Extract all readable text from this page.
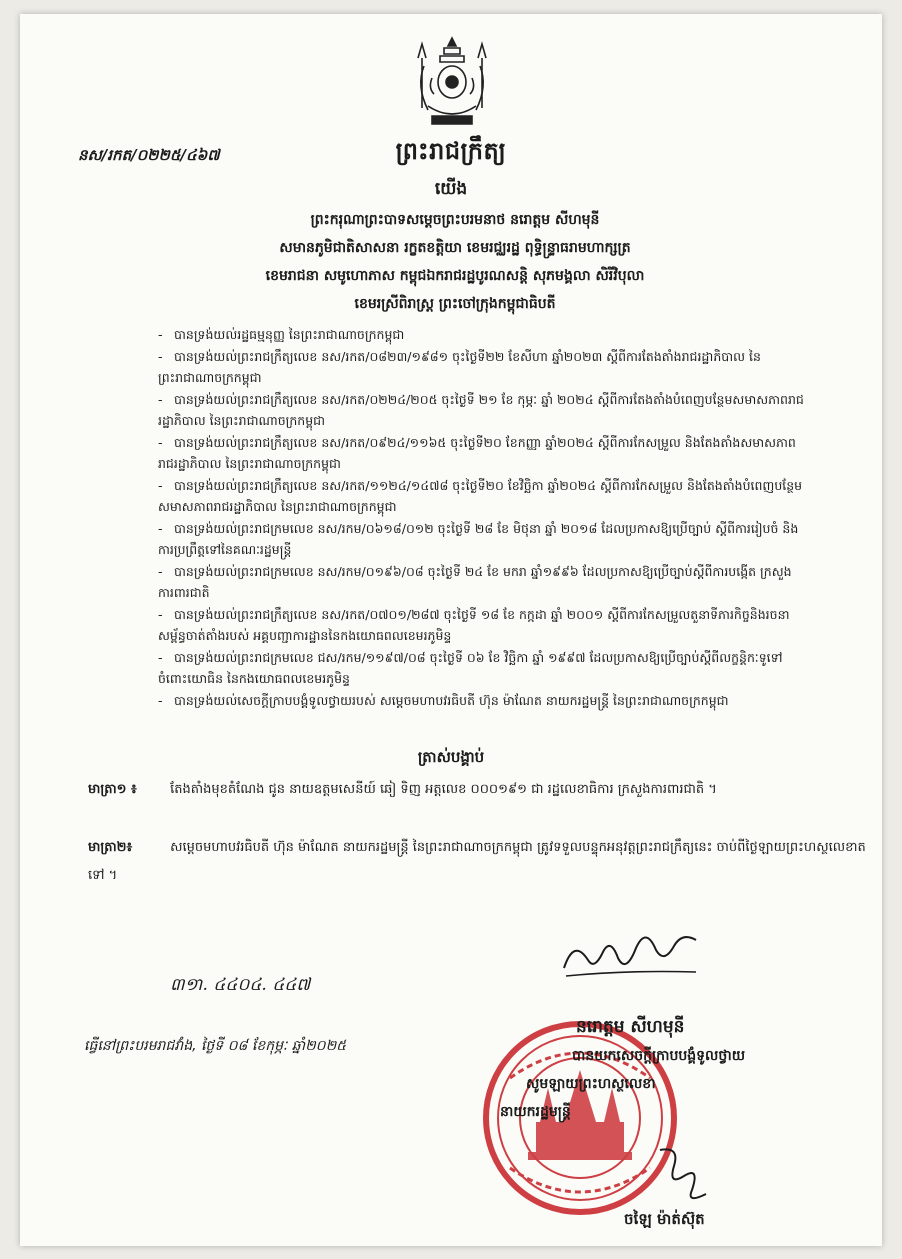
ព្រះរាជក្រឹត្យ
នស/រកត/០២២៥/៤៦៧
យើង
ព្រះករុណាព្រះបាទសម្ដេចព្រះបរមនាថ នរោត្ដម សីហមុនី
សមានភូមិជាតិសាសនា រក្ខតខត្តិយា ខេមរជ្ឈរដ្ឋ ពុទ្ធិន្ទ្រាធរាមហាក្សត្រ
ខេមរាជនា សមូហោភាស កម្ពុជឯករាជរដ្ឋបូរណសន្តិ សុភមង្គលា សិរីវិបុលា
ខេមរស្រីពិរាស្ត្រ ព្រះចៅក្រុងកម្ពុជាធិបតី
- បានទ្រង់យល់រដ្ឋធម្មនុញ្ញ នៃព្រះរាជាណាចក្រកម្ពុជា
- បានទ្រង់យល់ព្រះរាជក្រឹត្យលេខ នស/រកត/០៨២៣/១៩៨១ ចុះថ្ងៃទី២២ ខែសីហា ឆ្នាំ២០២៣ ស្ដីពីការតែងតាំងរាជរដ្ឋាភិបាល នៃព្រះរាជាណាចក្រកម្ពុជា
- បានទ្រង់យល់ព្រះរាជក្រឹត្យលេខ នស/រកត/០២២៤/២០៥ ចុះថ្ងៃទី ២១ ខែ កុម្ភៈ ឆ្នាំ ២០២៤ ស្ដីពីការតែងតាំងបំពេញបន្ថែមសមាសភាពរាជរដ្ឋាភិបាល នៃព្រះរាជាណាចក្រកម្ពុជា
- បានទ្រង់យល់ព្រះរាជក្រឹត្យលេខ នស/រកត/០៩២៤/១១៦៥ ចុះថ្ងៃទី២០ ខែកញ្ញា ឆ្នាំ២០២៤ ស្ដីពីការកែសម្រួល និងតែងតាំងសមាសភាពរាជរដ្ឋាភិបាល នៃព្រះរាជាណាចក្រកម្ពុជា
- បានទ្រង់យល់ព្រះរាជក្រឹត្យលេខ នស/រកត/១១២៤/១៤៧៨ ចុះថ្ងៃទី២០ ខែវិច្ឆិកា ឆ្នាំ២០២៤ ស្ដីពីការកែសម្រួល និងតែងតាំងបំពេញបន្ថែមសមាសភាពរាជរដ្ឋាភិបាល នៃព្រះរាជាណាចក្រកម្ពុជា
- បានទ្រង់យល់ព្រះរាជក្រមលេខ នស/រកម/០៦១៨/០១២ ចុះថ្ងៃទី ២៨ ខែ មិថុនា ឆ្នាំ ២០១៨ ដែលប្រកាសឱ្យប្រើច្បាប់ ស្ដីពីការរៀបចំ និងការប្រព្រឹត្តទៅនៃគណៈរដ្ឋមន្ត្រី
- បានទ្រង់យល់ព្រះរាជក្រមលេខ នស/រកម/០១៩៦/០៨ ចុះថ្ងៃទី ២៤ ខែ មករា ឆ្នាំ១៩៩៦ ដែលប្រកាសឱ្យប្រើច្បាប់ស្ដីពីការបង្កើត ក្រសួងការពារជាតិ
- បានទ្រង់យល់ព្រះរាជក្រឹត្យលេខ នស/រកត/០៧០១/២៨៧ ចុះថ្ងៃទី ១៨ ខែ កក្កដា ឆ្នាំ ២០០១ ស្ដីពីការកែសម្រួលតួនាទីភារកិច្ចនិងរចនាសម្ព័ន្ធចាត់តាំងរបស់ អគ្គបញ្ជាការដ្ឋាននៃកងយោធពលខេមរភូមិន្ទ
- បានទ្រង់យល់ព្រះរាជក្រមលេខ ជស/រកម/១១៩៧/០៨ ចុះថ្ងៃទី ០៦ ខែ វិច្ឆិកា ឆ្នាំ ១៩៩៧ ដែលប្រកាសឱ្យប្រើច្បាប់ស្ដីពីលក្ខន្តិកៈទូទៅ ចំពោះយោធិន នៃកងយោធពលខេមរភូមិន្ទ
- បានទ្រង់យល់សេចក្ដីក្រាបបង្គំទូលថ្វាយរបស់ សម្ដេចមហាបវរធិបតី ហ៊ុន ម៉ាណែត នាយករដ្ឋមន្ត្រី នៃព្រះរាជាណាចក្រកម្ពុជា
ត្រាស់បង្គាប់
មាត្រា១ ៖	តែងតាំងមុខតំណែង ជូន នាយឧត្ដមសេនីយ៍ ឆៀ ទិញ អត្តលេខ ០០០១៩១ ជា រដ្ឋលេខាធិការ ក្រសួងការពារជាតិ ។
មាត្រា២៖	សម្ដេចមហាបវរធិបតី ហ៊ុន ម៉ាណែត នាយករដ្ឋមន្ត្រី នៃព្រះរាជាណាចក្រកម្ពុជា ត្រូវទទួលបន្ទុកអនុវត្តព្រះរាជក្រឹត្យនេះ ចាប់ពីថ្ងៃឡាយព្រះហស្ថលេខាតទៅ ។
៣១ា. ៤៤០៤. ៤៤៧
ធ្វើនៅព្រះបរមរាជវាំង, ថ្ងៃទី ០៨ ខែកុម្ភៈ ឆ្នាំ២០២៥
នរោត្ដម សីហមុនី
បានយកសេចក្ដីក្រាបបង្គំទូលថ្វាយ
សូមឡាយព្រះហស្ថលេខា
នាយករដ្ឋមន្ត្រី
ចឡៃ ម៉ាត់ស៊ុត
